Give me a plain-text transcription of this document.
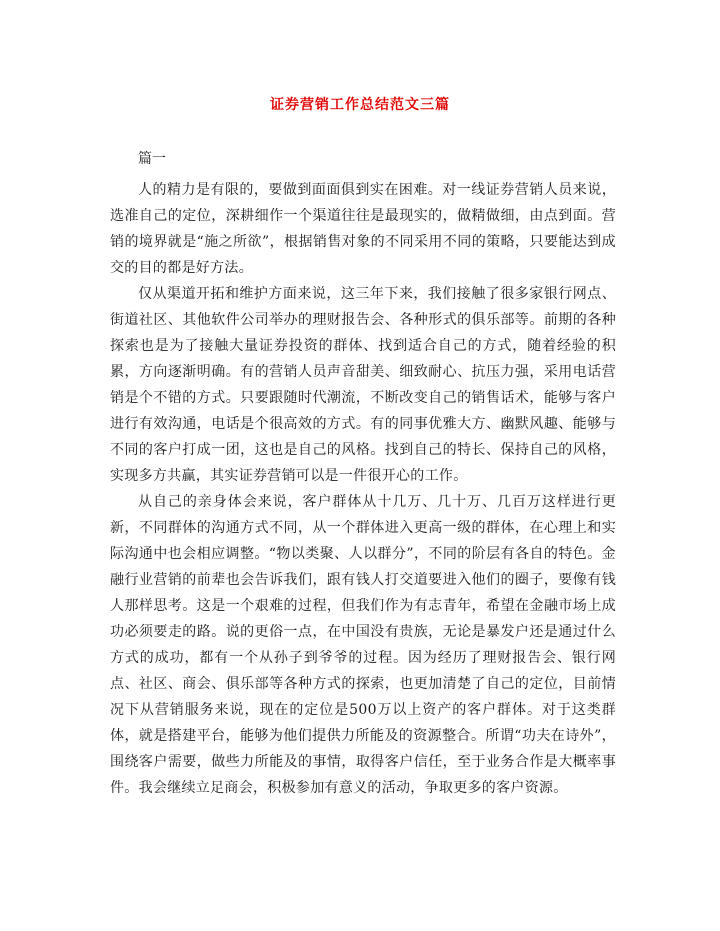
证券营销工作总结范文三篇
篇一

人的精力是有限的，要做到面面俱到实在困难。对一线证券营销人员来说，选准自己的定位，深耕细作一个渠道往往是最现实的，做精做细，由点到面。营销的境界就是“施之所欲”，根据销售对象的不同采用不同的策略，只要能达到成交的目的都是好方法。

仅从渠道开拓和维护方面来说，这三年下来，我们接触了很多家银行网点、街道社区、其他软件公司举办的理财报告会、各种形式的俱乐部等。前期的各种探索也是为了接触大量证券投资的群体、找到适合自己的方式，随着经验的积累，方向逐渐明确。有的营销人员声音甜美、细致耐心、抗压力强，采用电话营销是个不错的方式。只要跟随时代潮流，不断改变自己的销售话术，能够与客户进行有效沟通，电话是个很高效的方式。有的同事优雅大方、幽默风趣、能够与不同的客户打成一团，这也是自己的风格。找到自己的特长、保持自己的风格，实现多方共赢，其实证券营销可以是一件很开心的工作。

从自己的亲身体会来说，客户群体从十几万、几十万、几百万这样进行更新，不同群体的沟通方式不同，从一个群体进入更高一级的群体，在心理上和实际沟通中也会相应调整。“物以类聚、人以群分”，不同的阶层有各自的特色。金融行业营销的前辈也会告诉我们，跟有钱人打交道要进入他们的圈子，要像有钱人那样思考。这是一个艰难的过程，但我们作为有志青年，希望在金融市场上成功必须要走的路。说的更俗一点，在中国没有贵族，无论是暴发户还是通过什么方式的成功，都有一个从孙子到爷爷的过程。因为经历了理财报告会、银行网点、社区、商会、俱乐部等各种方式的探索，也更加清楚了自己的定位，目前情况下从营销服务来说，现在的定位是500万以上资产的客户群体。对于这类群体，就是搭建平台，能够为他们提供力所能及的资源整合。所谓“功夫在诗外”，围绕客户需要，做些力所能及的事情，取得客户信任，至于业务合作是大概率事件。我会继续立足商会，积极参加有意义的活动，争取更多的客户资源。
